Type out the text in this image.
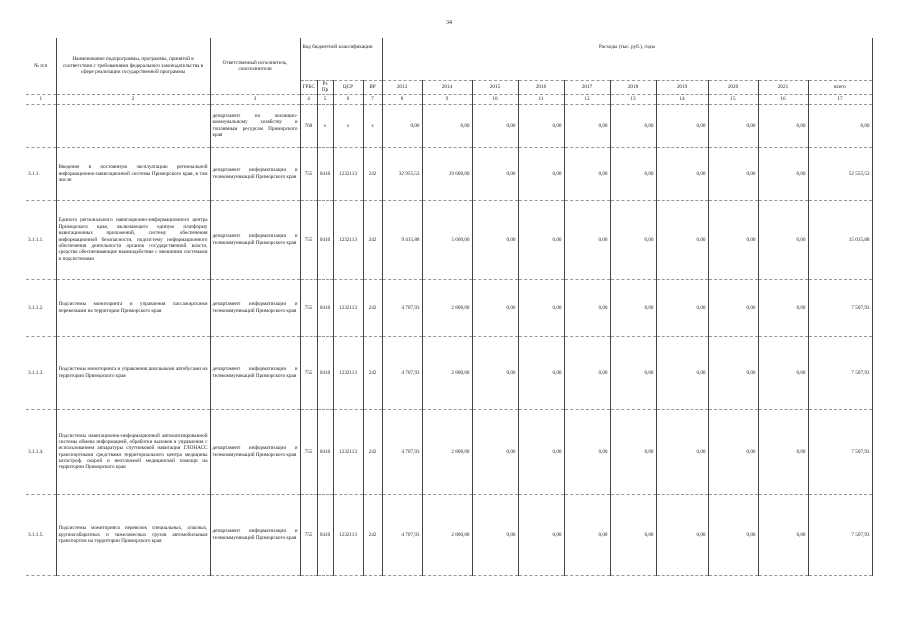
34
№ п/п	Наименование подпрограммы, программы, принятой в соответствии с требованиями федерального законодательства в сфере реализации государственной программы	Ответственный исполнитель, соисполнители	Код бюджетной классификации				Расходы (тыс. руб.), годы									
			ГРБС	Рз Пр	ЦСР	ВР	2013	2014	2015	2016	2017	2018	2019	2020	2021	всего
1	2	3	4	5	6	7	8	9	10	11	12	13	14	15	16	17
		департамент по жилищно-коммунальному хозяйству и топливным ресурсам Приморского края	768	x	x	x	0,00	0,00	0,00	0,00	0,00	0,00	0,00	0,00	0,00	0,00
3.1.1.	Введение в постоянную эксплуатацию региональной информационно-навигационной системы Приморского края, в том числе:	департамент информатизации и телекоммуникаций Приморского края	755	0410	1232113	242	32 955,53	19 600,00	0,00	0,00	0,00	0,00	0,00	0,00	0,00	52 555,53
3.1.1.1.	Единого регионального навигационно-информационного центра Приморского края, включающего единую платформу навигационных приложений, систему обеспечения информационной безопасности, подсистему информационного обеспечения деятельности органов государственной власти, средства обеспечивающие взаимодействие с внешними системами и подсистемами	департамент информатизации и телекоммуникаций Приморского края	755	0410	1232113	242	9 415,88	5 600,00	0,00	0,00	0,00	0,00	0,00	0,00	0,00	15 015,88
3.1.1.2.	Подсистемы мониторинга и управления пассажирскими перевозками на территории Приморского края	департамент информатизации и телекоммуникаций Приморского края	755	0410	1232113	242	4 707,93	2 800,00	0,00	0,00	0,00	0,00	0,00	0,00	0,00	7 507,93
3.1.1.3.	Подсистемы мониторинга и управления школьными автобусами на территории Приморского края	департамент информатизации и телекоммуникаций Приморского края	755	0410	1232113	242	4 707,93	2 800,00	0,00	0,00	0,00	0,00	0,00	0,00	0,00	7 507,93
3.1.1.4.	Подсистемы навигационно-информационной автоматизированной системы обмена информацией, обработки вызовов и управления с использованием аппаратуры спутниковой навигации ГЛОНАСС транспортными средствами территориального центра медицины катастроф, скорой и неотложной медицинской помощи на территории Приморского края	департамент информатизации и телекоммуникаций Приморского края	755	0410	1232113	242	4 707,93	2 800,00	0,00	0,00	0,00	0,00	0,00	0,00	0,00	7 507,93
3.1.1.5.	Подсистемы мониторинга перевозок специальных, опасных, крупногабаритных и тяжеловесных грузов автомобильным транспортом на территории Приморского края	департамент информатизации и телекоммуникаций Приморского края	755	0410	1232113	242	4 707,93	2 800,00	0,00	0,00	0,00	0,00	0,00	0,00	0,00	7 507,93
